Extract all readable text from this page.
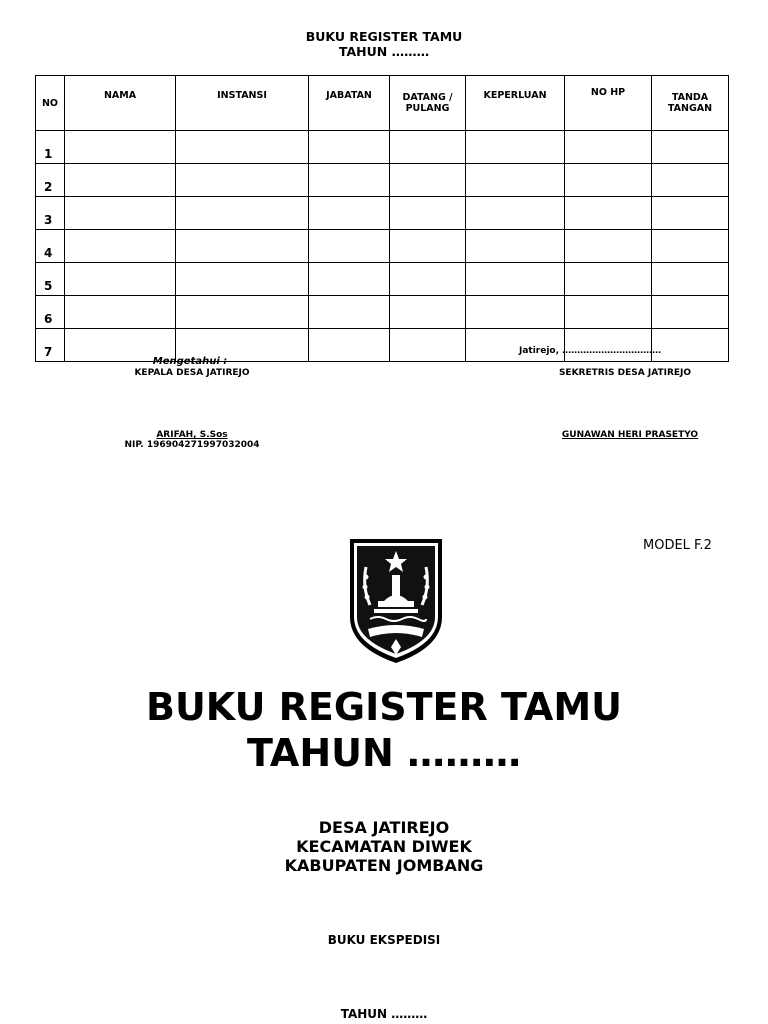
BUKU REGISTER TAMU
TAHUN ………
NO	NAMA	INSTANSI	JABATAN	DATANG / PULANG	KEPERLUAN	NO HP	TANDA TANGAN
1							
2							
3							
4							
5							
6							
7							
Mengetahui :
KEPALA DESA JATIREJO
Jatirejo, ……………………………
SEKRETRIS DESA JATIREJO
ARIFAH, S.Sos
NIP. 196904271997032004
GUNAWAN HERI PRASETYO
MODEL F.2
BUKU REGISTER TAMU
TAHUN ………
DESA JATIREJO
KECAMATAN DIWEK
KABUPATEN JOMBANG
BUKU EKSPEDISI
TAHUN ………
